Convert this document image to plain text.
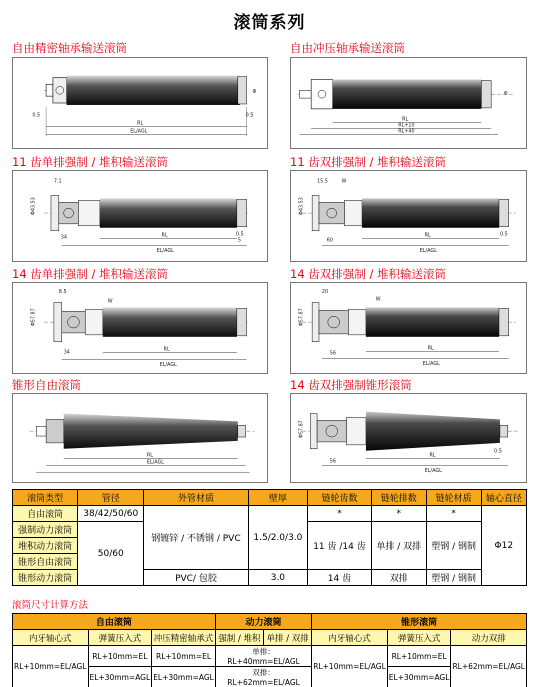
滚筒系列
自由精密轴承输送滚筒	自由冲压轴承输送滚筒
RL
EL/AGL
0.5	0.5
Φ
RL
RL+10
RL+40
Φ
11 齿单排强制 / 堆积输送滚筒	11 齿双排强制 / 堆积输送滚筒
RL
EL/AGL
34
Φ43.53
7.1
0.5
5
RL
EL/AGL
60
Φ43.53
15.5	W
0.5
14 齿单排强制 / 堆积输送滚筒	14 齿双排强制 / 堆积输送滚筒
RL
EL/AGL
34
Φ57.87
8.5
W
RL
EL/AGL
56
Φ57.87
20
W
锥形自由滚筒	14 齿双排强制锥形滚筒
RL
EL/AGL
RL
EL/AGL
56
Φ57.87
0.5
滚筒类型	管径	外管材质	壁厚	链轮齿数	链轮排数	链轮材质	轴心直径
自由滚筒	38/42/50/60	钢镀锌 / 不锈钢 / PVC	1.5/2.0/3.0	*	*	*	Φ12
强制动力滚筒	50/60			11 齿 /14 齿	单排 / 双排	塑钢 / 钢制	
堆积动力滚筒							
锥形自由滚筒							
锥形动力滚筒		PVC/ 包胶	3.0	14 齿	双排	塑钢 / 钢制	
滚筒尺寸计算方法
自由滚筒			动力滚筒		锥形滚筒		
内牙轴心式	弹簧压入式	冲压精密轴承式	强制 / 堆积	单排 / 双排	内牙轴心式	弹簧压入式	动力双排
RL+10mm=EL/AGL	RL+10mm=EL	RL+10mm=EL	单排：RL+40mm=EL/AGL		RL+10mm=EL/AGL	RL+10mm=EL	RL+62mm=EL/AGL
	EL+30mm=AGL	EL+30mm=AGL	双排：RL+62mm=EL/AGL			EL+30mm=AGL	
